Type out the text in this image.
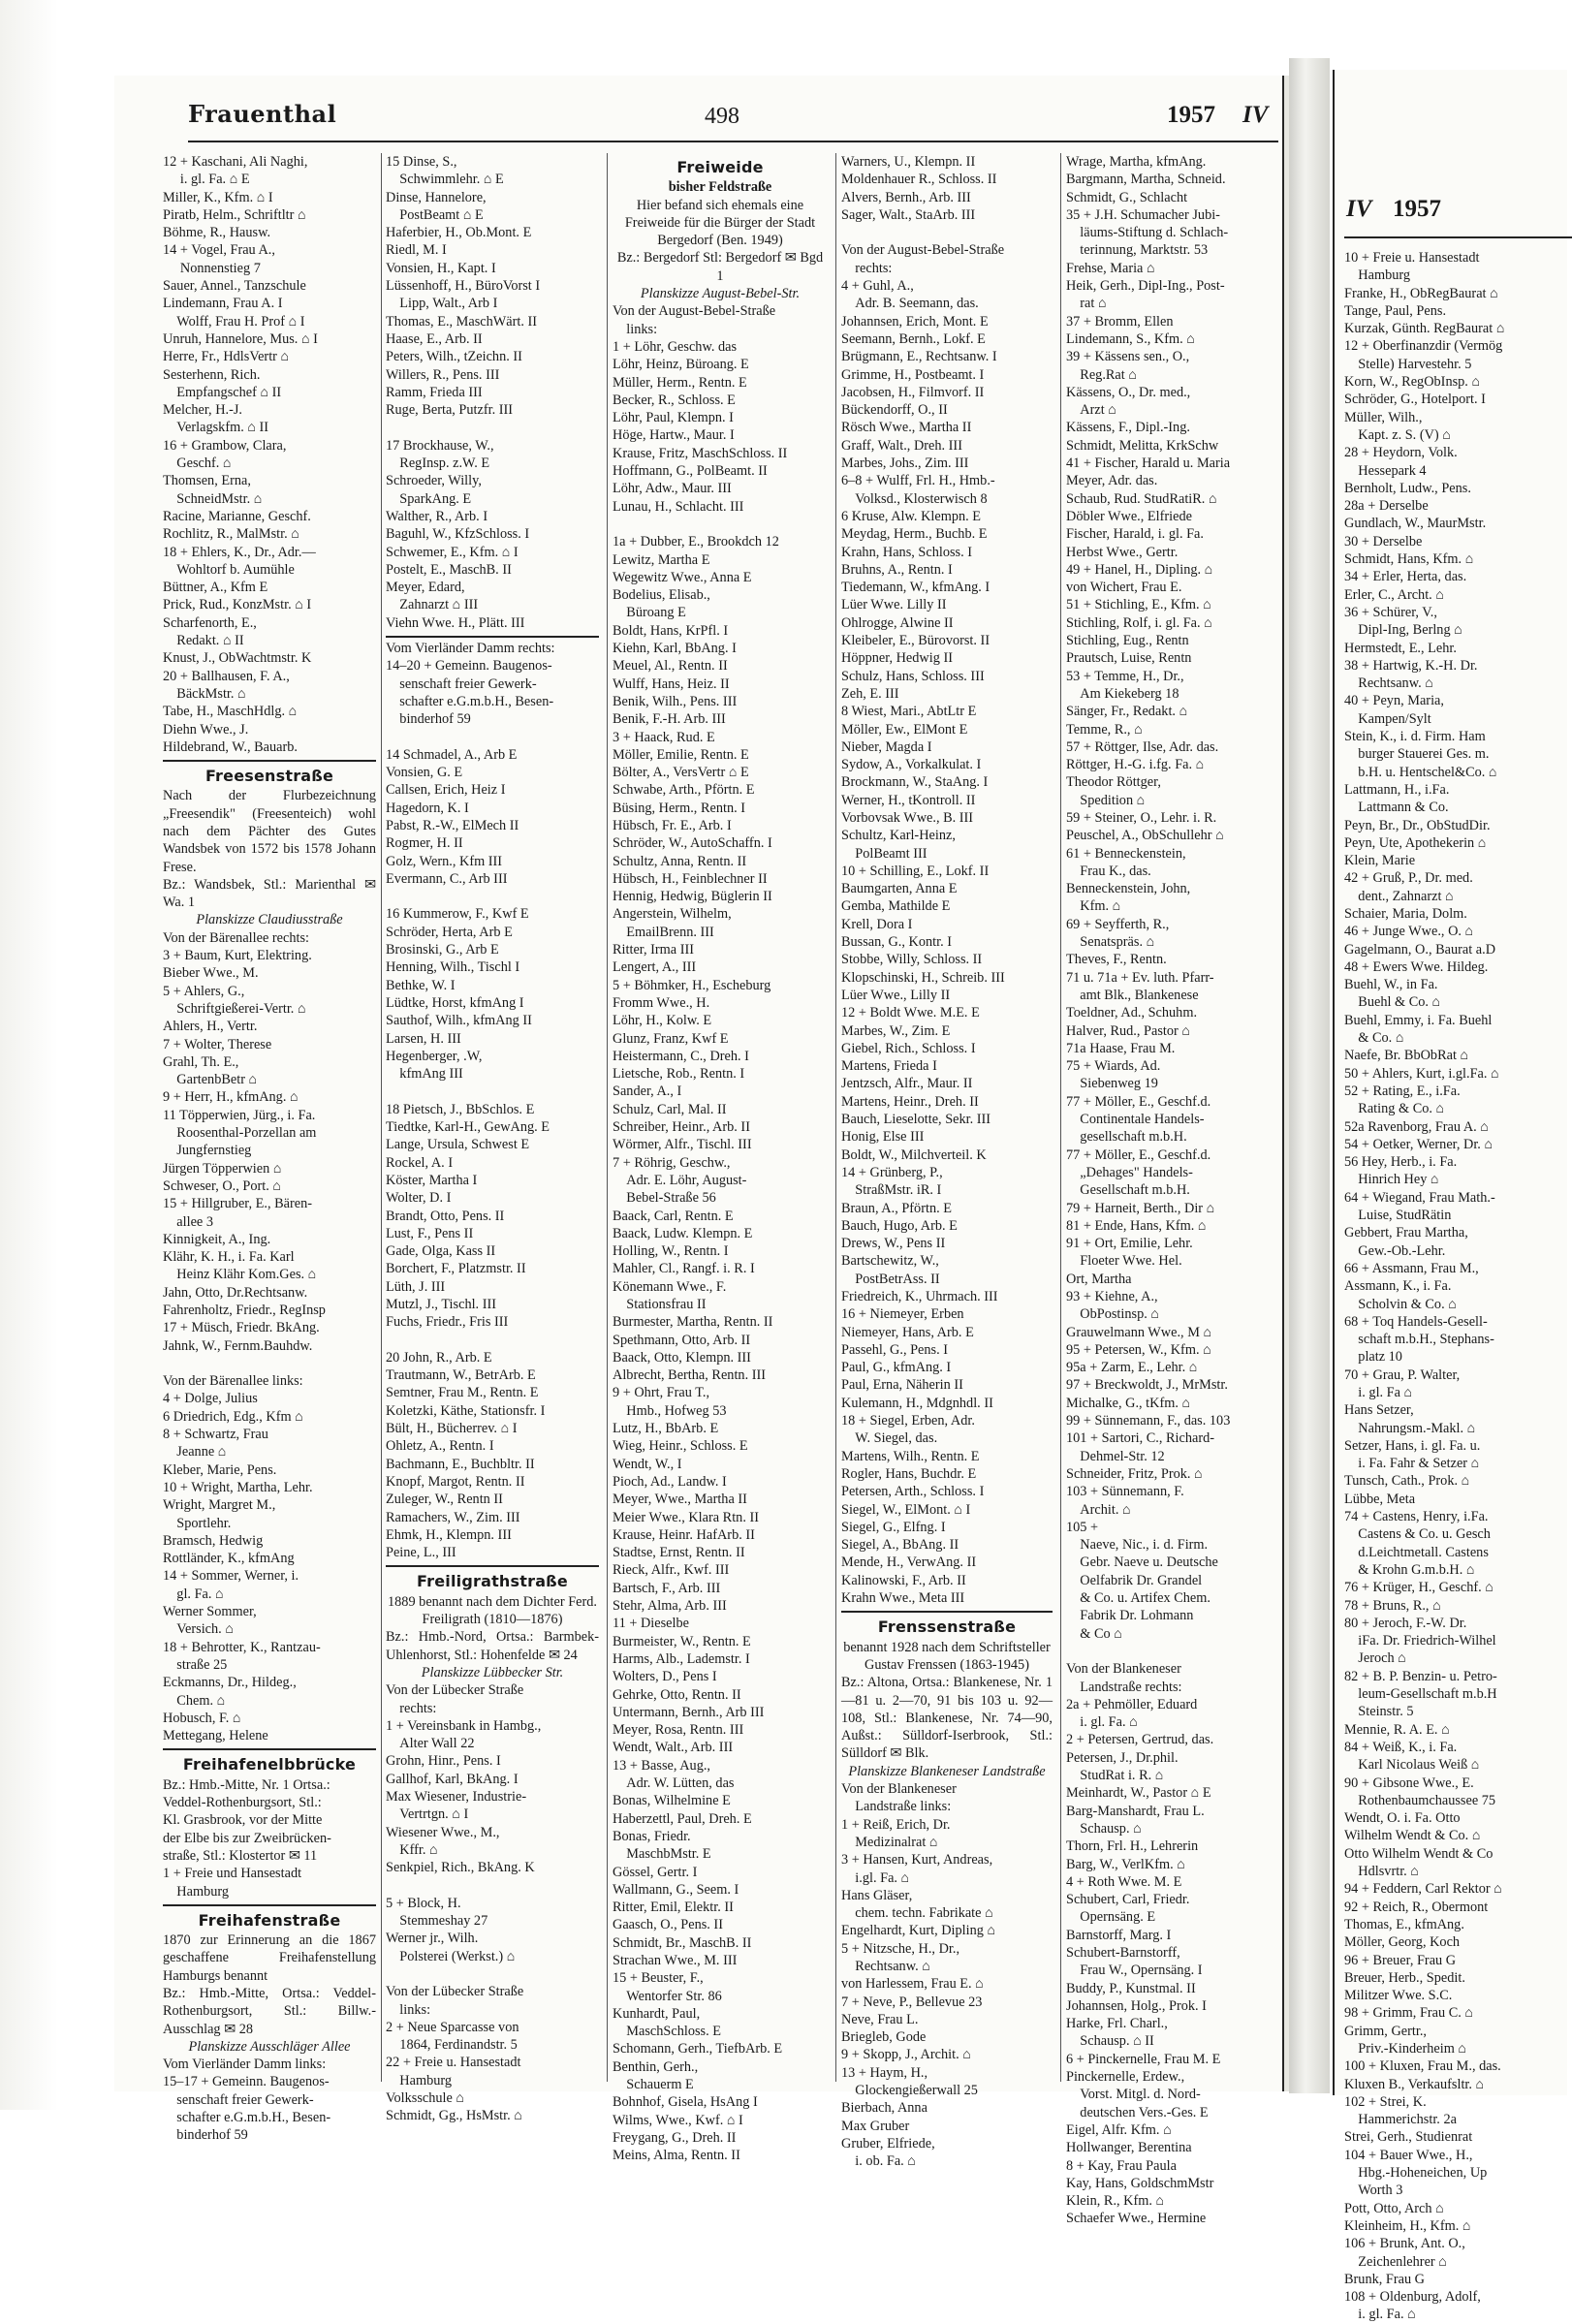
IV 1957
10 + Freie u. Hansestadt
 Hamburg
Franke, H., ObRegBaurat ⌂
Tange, Paul, Pens.
Kurzak, Günth. RegBaurat ⌂
12 + Oberfinanzdir (Vermög
 Stelle) Harvestehr. 5
Korn, W., RegObInsp. ⌂
Schröder, G., Hotelport. I
Müller, Wilh.,
 Kapt. z. S. (V) ⌂
28 + Heydorn, Volk.
 Hessepark 4
Bernholt, Ludw., Pens.
28a + Derselbe
Gundlach, W., MaurMstr.
30 + Derselbe
Schmidt, Hans, Kfm. ⌂
34 + Erler, Herta, das.
Erler, C., Archt. ⌂
36 + Schürer, V.,
 Dipl-Ing, Berlng ⌂
Hermstedt, E., Lehr.
38 + Hartwig, K.-H. Dr.
 Rechtsanw. ⌂
40 + Peyn, Maria,
 Kampen/Sylt
Stein, K., i. d. Firm. Ham
 burger Stauerei Ges. m.
 b.H. u. Hentschel&Co. ⌂
Lattmann, H., i.Fa.
 Lattmann & Co.
Peyn, Br., Dr., ObStudDir.
Peyn, Ute, Apothekerin ⌂
Klein, Marie
42 + Gruß, P., Dr. med.
 dent., Zahnarzt ⌂
Schaier, Maria, Dolm.
46 + Junge Wwe., O. ⌂
Gagelmann, O., Baurat a.D
48 + Ewers Wwe. Hildeg.
Buehl, W., in Fa.
 Buehl & Co. ⌂
Buehl, Emmy, i. Fa. Buehl
 & Co. ⌂
Naefe, Br. BbObRat ⌂
50 + Ahlers, Kurt, i.gl.Fa. ⌂
52 + Rating, E., i.Fa.
 Rating & Co. ⌂
52a Ravenborg, Frau A. ⌂
54 + Oetker, Werner, Dr. ⌂
56 Hey, Herb., i. Fa.
 Hinrich Hey ⌂
64 + Wiegand, Frau Math.-
 Luise, StudRätin
Gebbert, Frau Martha,
 Gew.-Ob.-Lehr.
66 + Assmann, Frau M.,
Assmann, K., i. Fa.
 Scholvin & Co. ⌂
68 + Toq Handels-Gesell-
 schaft m.b.H., Stephans-
 platz 10
70 + Grau, P. Walter,
 i. gl. Fa ⌂
Hans Setzer,
 Nahrungsm.-Makl. ⌂
Setzer, Hans, i. gl. Fa. u.
 i. Fa. Fahr & Setzer ⌂
Tunsch, Cath., Prok. ⌂
Lübbe, Meta
74 + Castens, Henry, i.Fa.
 Castens & Co. u. Gesch
 d.Leichtmetall. Castens
 & Krohn G.m.b.H. ⌂
76 + Krüger, H., Geschf. ⌂
78 + Bruns, R., ⌂
80 + Jeroch, F.-W. Dr.
 iFa. Dr. Friedrich-Wilhel
 Jeroch ⌂
82 + B. P. Benzin- u. Petro-
 leum-Gesellschaft m.b.H
 Steinstr. 5
Mennie, R. A. E. ⌂
84 + Weiß, K., i. Fa.
 Karl Nicolaus Weiß ⌂
90 + Gibsone Wwe., E.
 Rothenbaumchaussee 75
Wendt, O. i. Fa. Otto
Wilhelm Wendt & Co. ⌂
Otto Wilhelm Wendt & Co
 Hdlsvrtr. ⌂
94 + Feddern, Carl Rektor ⌂
92 + Reich, R., Obermont
Thomas, E., kfmAng.
Möller, Georg, Koch
96 + Breuer, Frau G
Breuer, Herb., Spedit.
Militzer Wwe. S.C.
98 + Grimm, Frau C. ⌂
Grimm, Gertr.,
 Priv.-Kinderheim ⌂
100 + Kluxen, Frau M., das.
Kluxen B., Verkaufsltr. ⌂
102 + Strei, K.
 Hammerichstr. 2a
Strei, Gerh., Studienrat
104 + Bauer Wwe., H.,
 Hbg.-Hoheneichen, Up
 Worth 3
Pott, Otto, Arch ⌂
Kleinheim, H., Kfm. ⌂
106 + Brunk, Ant. O.,
 Zeichenlehrer ⌂
Brunk, Frau G
108 + Oldenburg, Adolf,
 i. gl. Fa. ⌂
Frauenthal	498	1957 IV
12 + Kaschani, Ali Naghi,
  i. gl. Fa. ⌂ E
Miller, K., Kfm. ⌂ I
Piratb, Helm., Schriftltr ⌂
Böhme, R., Hausw.
14 + Vogel, Frau A.,
  Nonnenstieg 7
Sauer, Annel., Tanzschule
Lindemann, Frau A. I
 Wolff, Frau H. Prof ⌂ I
Unruh, Hannelore, Mus. ⌂ I
Herre, Fr., HdlsVertr ⌂
Sesterhenn, Rich.
 Empfangschef ⌂ II
Melcher, H.-J.
 Verlagskfm. ⌂ II
16 + Grambow, Clara,
 Geschf. ⌂
Thomsen, Erna,
 SchneidMstr. ⌂
Racine, Marianne, Geschf.
Rochlitz, R., MalMstr. ⌂
18 + Ehlers, K., Dr., Adr.—
 Wohltorf b. Aumühle
Büttner, A., Kfm E
Prick, Rud., KonzMstr. ⌂ I
Scharfenorth, E.,
 Redakt. ⌂ II
Knust, J., ObWachtmstr. K
20 + Ballhausen, F. A.,
 BäckMstr. ⌂
Tabe, H., MaschHdlg. ⌂
Diehn Wwe., J.
Hildebrand, W., Bauarb.
Freesenstraße
Nach der Flurbezeichnung „Freesendik" (Freesenteich) wohl nach dem Pächter des Gutes Wandsbek von 1572 bis 1578 Johann Frese.
Bz.: Wandsbek, Stl.: Marienthal ✉ Wa. 1
Planskizze Claudiusstraße
Von der Bärenallee rechts:
3 + Baum, Kurt, Elektring.
Bieber Wwe., M.
5 + Ahlers, G.,
 Schriftgießerei-Vertr. ⌂
Ahlers, H., Vertr.
7 + Wolter, Therese
Grahl, Th. E.,
 GartenbBetr ⌂
9 + Herr, H., kfmAng. ⌂
11 Töpperwien, Jürg., i. Fa.
 Roosenthal-Porzellan am
 Jungfernstieg
Jürgen Töpperwien ⌂
Schweser, O., Port. ⌂
15 + Hillgruber, E., Bären-
 allee 3
Kinnigkeit, A., Ing.
Klähr, K. H., i. Fa. Karl
 Heinz Klähr Kom.Ges. ⌂
Jahn, Otto, Dr.Rechtsanw.
Fahrenholtz, Friedr., RegInsp
17 + Müsch, Friedr. BkAng.
Jahnk, W., Fernm.Bauhdw.

Von der Bärenallee links:
4 + Dolge, Julius
6 Driedrich, Edg., Kfm ⌂
8 + Schwartz, Frau
 Jeanne ⌂
Kleber, Marie, Pens.
10 + Wright, Martha, Lehr.
Wright, Margret M.,
 Sportlehr.
Bramsch, Hedwig
Rottländer, K., kfmAng
14 + Sommer, Werner, i.
 gl. Fa. ⌂
Werner Sommer,
 Versich. ⌂
18 + Behrotter, K., Rantzau-
 straße 25
Eckmanns, Dr., Hildeg.,
 Chem. ⌂
Hobusch, F. ⌂
Mettegang, Helene
Freihafenelbbrücke
Bz.: Hmb.-Mitte, Nr. 1 Ortsa.:
Veddel-Rothenburgsort, Stl.:
Kl. Grasbrook, vor der Mitte
der Elbe bis zur Zweibrücken-
straße, Stl.: Klostertor ✉ 11
1 + Freie und Hansestadt
 Hamburg
Freihafenstraße
1870 zur Erinnerung an die 1867 geschaffene Freihafenstellung Hamburgs benannt
Bz.: Hmb.-Mitte, Ortsa.: Veddel-Rothenburgsort, Stl.: Billw.-Ausschlag ✉ 28
Planskizze Ausschläger Allee
Vom Vierländer Damm links:
15–17 + Gemeinn. Baugenos-
 senschaft freier Gewerk-
 schafter e.G.m.b.H., Besen-
 binderhof 59
15 Dinse, S.,
 Schwimmlehr. ⌂ E
Dinse, Hannelore,
 PostBeamt ⌂ E
Haferbier, H., Ob.Mont. E
Riedl, M. I
Vonsien, H., Kapt. I
Lüssenhoff, H., BüroVorst I
 Lipp, Walt., Arb I
Thomas, E., MaschWärt. II
Haase, E., Arb. II
Peters, Wilh., tZeichn. II
Willers, R., Pens. III
Ramm, Frieda III
Ruge, Berta, Putzfr. III

17 Brockhause, W.,
 RegInsp. z.W. E
Schroeder, Willy,
 SparkAng. E
Walther, R., Arb. I
Baguhl, W., KfzSchloss. I
Schwemer, E., Kfm. ⌂ I
Postelt, E., MaschB. II
Meyer, Edard,
 Zahnarzt ⌂ III
Viehn Wwe. H., Plätt. III
Vom Vierländer Damm rechts:
14–20 + Gemeinn. Baugenos-
 senschaft freier Gewerk-
 schafter e.G.m.b.H., Besen-
 binderhof 59

14 Schmadel, A., Arb E
Vonsien, G. E
Callsen, Erich, Heiz I
Hagedorn, K. I
Pabst, R.-W., ElMech II
Rogmer, H. II
Golz, Wern., Kfm III
Evermann, C., Arb III

16 Kummerow, F., Kwf E
Schröder, Herta, Arb E
Brosinski, G., Arb E
Henning, Wilh., Tischl I
Bethke, W. I
Lüdtke, Horst, kfmAng I
Sauthof, Wilh., kfmAng II
Larsen, H. III
Hegenberger, .W,
 kfmAng III

18 Pietsch, J., BbSchlos. E
Tiedtke, Karl-H., GewAng. E
Lange, Ursula, Schwest E
Rockel, A. I
Köster, Martha I
Wolter, D. I
Brandt, Otto, Pens. II
Lust, F., Pens II
Gade, Olga, Kass II
Borchert, F., Platzmstr. II
Lüth, J. III
Mutzl, J., Tischl. III
Fuchs, Friedr., Fris III

20 John, R., Arb. E
Trautmann, W., BetrArb. E
Semtner, Frau M., Rentn. E
Koletzki, Käthe, Stationsfr. I
Bült, H., Bücherrev. ⌂ I
Ohletz, A., Rentn. I
Bachmann, E., Buchbltr. II
Knopf, Margot, Rentn. II
Zuleger, W., Rentn II
Ramachers, W., Zim. III
Ehmk, H., Klempn. III
Peine, L., III
Freiligrathstraße
1889 benannt nach dem Dichter Ferd. Freiligrath (1810—1876)
Bz.: Hmb.-Nord, Ortsa.: Barmbek-Uhlenhorst, Stl.: Hohenfelde ✉ 24
Planskizze Lübbecker Str.
Von der Lübecker Straße
 rechts:
1 + Vereinsbank in Hambg.,
 Alter Wall 22
Grohn, Hinr., Pens. I
Gallhof, Karl, BkAng. I
Max Wiesener, Industrie-
 Vertrtgn. ⌂ I
Wiesener Wwe., M.,
 Kffr. ⌂
Senkpiel, Rich., BkAng. K

5 + Block, H.
 Stemmeshay 27
Werner jr., Wilh.
 Polsterei (Werkst.) ⌂

Von der Lübecker Straße
 links:
2 + Neue Sparcasse von
 1864, Ferdinandstr. 5
22 + Freie u. Hansestadt
 Hamburg
Volksschule ⌂
Schmidt, Gg., HsMstr. ⌂
Freiweide
bisher Feldstraße
Hier befand sich ehemals eine Freiweide für die Bürger der Stadt Bergedorf (Ben. 1949)
Bz.: Bergedorf Stl: Bergedorf ✉ Bgd 1
Planskizze August-Bebel-Str.
Von der August-Bebel-Straße
 links:
1 + Löhr, Geschw. das
Löhr, Heinz, Büroang. E
Müller, Herm., Rentn. E
Becker, R., Schloss. E
Löhr, Paul, Klempn. I
Höge, Hartw., Maur. I
Krause, Fritz, MaschSchloss. II
Hoffmann, G., PolBeamt. II
Löhr, Adw., Maur. III
Lunau, H., Schlacht. III

1a + Dubber, E., Brookdch 12
Lewitz, Martha E
Wegewitz Wwe., Anna E
Bodelius, Elisab.,
 Büroang E
Boldt, Hans, KrPfl. I
Kiehn, Karl, BbAng. I
Meuel, Al., Rentn. II
Wulff, Hans, Heiz. II
Benik, Wilh., Pens. III
Benik, F.-H. Arb. III
3 + Haack, Rud. E
Möller, Emilie, Rentn. E
Bölter, A., VersVertr ⌂ E
Schwabe, Arth., Pförtn. E
Büsing, Herm., Rentn. I
Hübsch, Fr. E., Arb. I
Schröder, W., AutoSchaffn. I
Schultz, Anna, Rentn. II
Hübsch, H., Feinblechner II
Hennig, Hedwig, Büglerin II
Angerstein, Wilhelm,
 EmailBrenn. III
Ritter, Irma III
Lengert, A., III
5 + Böhmker, H., Escheburg
Fromm Wwe., H.
Löhr, H., Kolw. E
Glunz, Franz, Kwf E
Heistermann, C., Dreh. I
Lietsche, Rob., Rentn. I
Sander, A., I
Schulz, Carl, Mal. II
Schreiber, Heinr., Arb. II
Wörmer, Alfr., Tischl. III
7 + Röhrig, Geschw.,
 Adr. E. Löhr, August-
 Bebel-Straße 56
Baack, Carl, Rentn. E
Baack, Ludw. Klempn. E
Holling, W., Rentn. I
Mahler, Cl., Rangf. i. R. I
Könemann Wwe., F.
 Stationsfrau II
Burmester, Martha, Rentn. II
Spethmann, Otto, Arb. II
Baack, Otto, Klempn. III
Albrecht, Bertha, Rentn. III
9 + Ohrt, Frau T.,
 Hmb., Hofweg 53
Lutz, H., BbArb. E
Wieg, Heinr., Schloss. E
Wendt, W., I
Pioch, Ad., Landw. I
Meyer, Wwe., Martha II
Meier Wwe., Klara Rtn. II
Krause, Heinr. HafArb. II
Stadtse, Ernst, Rentn. II
Rieck, Alfr., Kwf. III
Bartsch, F., Arb. III
Stehr, Alma, Arb. III
11 + Dieselbe
Burmeister, W., Rentn. E
Harms, Alb., Lademstr. I
Wolters, D., Pens I
Gehrke, Otto, Rentn. II
Untermann, Bernh., Arb III
Meyer, Rosa, Rentn. III
Wendt, Walt., Arb. III
13 + Basse, Aug.,
 Adr. W. Lütten, das
Bonas, Wilhelmine E
Haberzettl, Paul, Dreh. E
Bonas, Friedr.
 MaschbMstr. E
Gössel, Gertr. I
Wallmann, G., Seem. I
Ritter, Emil, Elektr. II
Gaasch, O., Pens. II
Schmidt, Br., MaschB. II
Strachan Wwe., M. III
15 + Beuster, F.,
 Wentorfer Str. 86
Kunhardt, Paul,
 MaschSchloss. E
Schomann, Gerh., TiefbArb. E
Benthin, Gerh.,
 Schauerm E
Bohnhof, Gisela, HsAng I
Wilms, Wwe., Kwf. ⌂ I
Freygang, G., Dreh. II
Meins, Alma, Rentn. II
Warners, U., Klempn. II
Moldenhauer R., Schloss. II
Alvers, Bernh., Arb. III
Sager, Walt., StaArb. III

Von der August-Bebel-Straße
 rechts:
4 + Guhl, A.,
 Adr. B. Seemann, das.
Johannsen, Erich, Mont. E
Seemann, Bernh., Lokf. E
Brügmann, E., Rechtsanw. I
Grimme, H., Postbeamt. I
Jacobsen, H., Filmvorf. II
Bückendorff, O., II
Rösch Wwe., Martha II
Graff, Walt., Dreh. III
Marbes, Johs., Zim. III
6–8 + Wulff, Frl. H., Hmb.-
 Volksd., Klosterwisch 8
6 Kruse, Alw. Klempn. E
Meydag, Herm., Buchb. E
Krahn, Hans, Schloss. I
Bruhns, A., Rentn. I
Tiedemann, W., kfmAng. I
Lüer Wwe. Lilly II
Ohlrogge, Alwine II
Kleibeler, E., Bürovorst. II
Höppner, Hedwig II
Schulz, Hans, Schloss. III
Zeh, E. III
8 Wiest, Mari., AbtLtr E
Möller, Ew., ElMont E
Nieber, Magda I
Sydow, A., Vorkalkulat. I
Brockmann, W., StaAng. I
Werner, H., tKontroll. II
Vorbovsak Wwe., B. III
Schultz, Karl-Heinz,
 PolBeamt III
10 + Schilling, E., Lokf. II
Baumgarten, Anna E
Gemba, Mathilde E
Krell, Dora I
Bussan, G., Kontr. I
Stobbe, Willy, Schloss. II
Klopschinski, H., Schreib. III
Lüer Wwe., Lilly II
12 + Boldt Wwe. M.E. E
Marbes, W., Zim. E
Giebel, Rich., Schloss. I
Martens, Frieda I
Jentzsch, Alfr., Maur. II
Martens, Heinr., Dreh. II
Bauch, Lieselotte, Sekr. III
Honig, Else III
Boldt, W., Milchverteil. K
14 + Grünberg, P.,
 StraßMstr. iR. I
Braun, A., Pförtn. E
Bauch, Hugo, Arb. E
Drews, W., Pens II
Bartschewitz, W.,
 PostBetrAss. II
Friedreich, K., Uhrmach. III
16 + Niemeyer, Erben
Niemeyer, Hans, Arb. E
Passehl, G., Pens. I
Paul, G., kfmAng. I
Paul, Erna, Näherin II
Kulemann, H., Mdgnhdl. II
18 + Siegel, Erben, Adr.
 W. Siegel, das.
Martens, Wilh., Rentn. E
Rogler, Hans, Buchdr. E
Petersen, Arth., Schloss. I
Siegel, W., ElMont. ⌂ I
Siegel, G., Elfng. I
Siegel, A., BbAng. II
Mende, H., VerwAng. II
Kalinowski, F., Arb. II
Krahn Wwe., Meta III
Frenssenstraße
benannt 1928 nach dem Schriftsteller Gustav Frenssen (1863-1945)
Bz.: Altona, Ortsa.: Blankenese, Nr. 1—81 u. 2—70, 91 bis 103 u. 92—108, Stl.: Blankenese, Nr. 74—90, Außst.: Sülldorf-Iserbrook, Stl.: Sülldorf ✉ Blk.
Planskizze Blankeneser Landstraße
Von der Blankeneser
 Landstraße links:
1 + Reiß, Erich, Dr.
 Medizinalrat ⌂
3 + Hansen, Kurt, Andreas,
 i.gl. Fa. ⌂
Hans Gläser,
 chem. techn. Fabrikate ⌂
Engelhardt, Kurt, Dipling ⌂
5 + Nitzsche, H., Dr.,
 Rechtsanw. ⌂
von Harlessem, Frau E. ⌂
7 + Neve, P., Bellevue 23
Neve, Frau L.
Briegleb, Gode
9 + Skopp, J., Archit. ⌂
13 + Haym, H.,
 Glockengießerwall 25
Bierbach, Anna
Max Gruber
Gruber, Elfriede,
 i. ob. Fa. ⌂
Wrage, Martha, kfmAng.
Bargmann, Martha, Schneid.
Schmidt, G., Schlacht
35 + J.H. Schumacher Jubi-
 läums-Stiftung d. Schlach-
 terinnung, Marktstr. 53
Frehse, Maria ⌂
Heik, Gerh., Dipl-Ing., Post-
 rat ⌂
37 + Bromm, Ellen
Lindemann, S., Kfm. ⌂
39 + Kässens sen., O.,
 Reg.Rat ⌂
Kässens, O., Dr. med.,
 Arzt ⌂
Kässens, F., Dipl.-Ing.
Schmidt, Melitta, KrkSchw
41 + Fischer, Harald u. Maria
Meyer, Adr. das.
Schaub, Rud. StudRatiR. ⌂
Döbler Wwe., Elfriede
Fischer, Harald, i. gl. Fa.
Herbst Wwe., Gertr.
49 + Hanel, H., Dipling. ⌂
von Wichert, Frau E.
51 + Stichling, E., Kfm. ⌂
Stichling, Rolf, i. gl. Fa. ⌂
Stichling, Eug., Rentn
Prautsch, Luise, Rentn
53 + Temme, H., Dr.,
 Am Kiekeberg 18
Sänger, Fr., Redakt. ⌂
Temme, R., ⌂
57 + Röttger, Ilse, Adr. das.
Röttger, H.-G. i.fg. Fa. ⌂
Theodor Röttger,
 Spedition ⌂
59 + Steiner, O., Lehr. i. R.
Peuschel, A., ObSchullehr ⌂
61 + Benneckenstein,
 Frau K., das.
Benneckenstein, John,
 Kfm. ⌂
69 + Seyfferth, R.,
 Senatspräs. ⌂
Theves, F., Rentn.
71 u. 71a + Ev. luth. Pfarr-
 amt Blk., Blankenese
Toeldner, Ad., Schuhm.
Halver, Rud., Pastor ⌂
71a Haase, Frau M.
75 + Wiards, Ad.
 Siebenweg 19
77 + Möller, E., Geschf.d.
 Continentale Handels-
 gesellschaft m.b.H.
77 + Möller, E., Geschf.d.
 „Dehages" Handels-
 Gesellschaft m.b.H.
79 + Harneit, Berth., Dir ⌂
81 + Ende, Hans, Kfm. ⌂
91 + Ort, Emilie, Lehr.
 Floeter Wwe. Hel.
Ort, Martha
93 + Kiehne, A.,
 ObPostinsp. ⌂
Grauwelmann Wwe., M ⌂
95 + Petersen, W., Kfm. ⌂
95a + Zarm, E., Lehr. ⌂
97 + Breckwoldt, J., MrMstr.
Michalke, G., tKfm. ⌂
99 + Sünnemann, F., das. 103
101 + Sartori, C., Richard-
 Dehmel-Str. 12
Schneider, Fritz, Prok. ⌂
103 + Sünnemann, F.
 Archit. ⌂
105 +
 Naeve, Nic., i. d. Firm.
 Gebr. Naeve u. Deutsche
 Oelfabrik Dr. Grandel
 & Co. u. Artifex Chem.
 Fabrik Dr. Lohmann
 & Co ⌂

Von der Blankeneser
 Landstraße rechts:
2a + Pehmöller, Eduard
 i. gl. Fa. ⌂
2 + Petersen, Gertrud, das.
Petersen, J., Dr.phil.
 StudRat i. R. ⌂
Meinhardt, W., Pastor ⌂ E
Barg-Manshardt, Frau L.
 Schausp. ⌂
Thorn, Frl. H., Lehrerin
Barg, W., VerlKfm. ⌂
4 + Roth Wwe. M. E
Schubert, Carl, Friedr.
 Opernsäng. E
Barnstorff, Marg. I
Schubert-Barnstorff,
 Frau W., Opernsäng. I
Buddy, P., Kunstmal. II
Johannsen, Holg., Prok. I
Harke, Frl. Charl.,
 Schausp. ⌂ II
6 + Pinckernelle, Frau M. E
Pinckernelle, Erdew.,
 Vorst. Mitgl. d. Nord-
 deutschen Vers.-Ges. E
Eigel, Alfr. Kfm. ⌂
Hollwanger, Berentina
8 + Kay, Frau Paula
Kay, Hans, GoldschmMstr
Klein, R., Kfm. ⌂
Schaefer Wwe., Hermine
